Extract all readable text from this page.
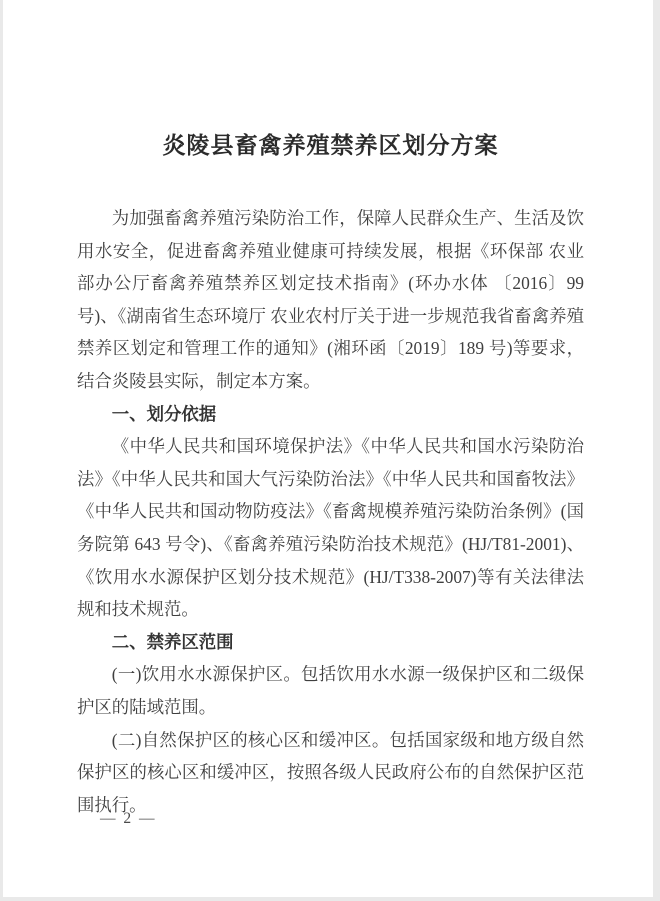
炎陵县畜禽养殖禁养区划分方案

为加强畜禽养殖污染防治工作，保障人民群众生产、生活及饮用水安全，促进畜禽养殖业健康可持续发展，根据《环保部 农业部办公厅畜禽养殖禁养区划定技术指南》(环办水体 〔2016〕99 号)、《湖南省生态环境厅 农业农村厅关于进一步规范我省畜禽养殖禁养区划定和管理工作的通知》(湘环函〔2019〕189 号)等要求，结合炎陵县实际，制定本方案。

一、划分依据

《中华人民共和国环境保护法》《中华人民共和国水污染防治法》《中华人民共和国大气污染防治法》《中华人民共和国畜牧法》《中华人民共和国动物防疫法》《畜禽规模养殖污染防治条例》(国务院第 643 号令)、《畜禽养殖污染防治技术规范》(HJ/T81-2001)、《饮用水水源保护区划分技术规范》(HJ/T338-2007)等有关法律法规和技术规范。

二、禁养区范围

(一)饮用水水源保护区。包括饮用水水源一级保护区和二级保护区的陆域范围。

(二)自然保护区的核心区和缓冲区。包括国家级和地方级自然保护区的核心区和缓冲区，按照各级人民政府公布的自然保护区范围执行。

— 2 —
